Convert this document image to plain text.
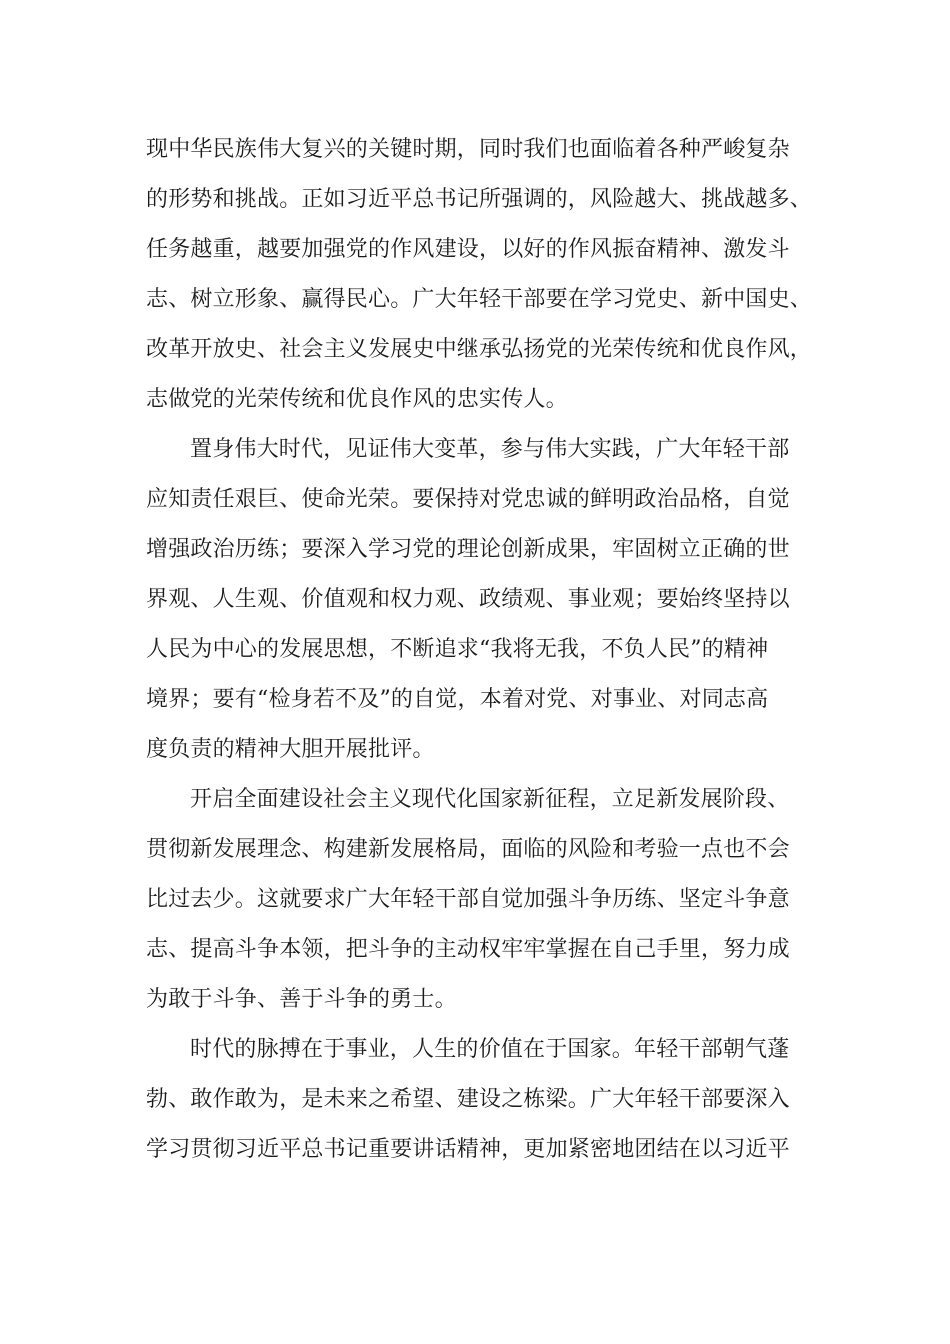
现中华民族伟大复兴的关键时期，同时我们也面临着各种严峻复杂
的形势和挑战。正如习近平总书记所强调的，风险越大、挑战越多、
任务越重，越要加强党的作风建设，以好的作风振奋精神、激发斗
志、树立形象、赢得民心。广大年轻干部要在学习党史、新中国史、
改革开放史、社会主义发展史中继承弘扬党的光荣传统和优良作风，
志做党的光荣传统和优良作风的忠实传人。
置身伟大时代，见证伟大变革，参与伟大实践，广大年轻干部
应知责任艰巨、使命光荣。要保持对党忠诚的鲜明政治品格，自觉
增强政治历练；要深入学习党的理论创新成果，牢固树立正确的世
界观、人生观、价值观和权力观、政绩观、事业观；要始终坚持以
人民为中心的发展思想，不断追求“我将无我，不负人民”的精神
境界；要有“检身若不及”的自觉，本着对党、对事业、对同志高
度负责的精神大胆开展批评。
开启全面建设社会主义现代化国家新征程，立足新发展阶段、
贯彻新发展理念、构建新发展格局，面临的风险和考验一点也不会
比过去少。这就要求广大年轻干部自觉加强斗争历练、坚定斗争意
志、提高斗争本领，把斗争的主动权牢牢掌握在自己手里，努力成
为敢于斗争、善于斗争的勇士。
时代的脉搏在于事业，人生的价值在于国家。年轻干部朝气蓬
勃、敢作敢为，是未来之希望、建设之栋梁。广大年轻干部要深入
学习贯彻习近平总书记重要讲话精神，更加紧密地团结在以习近平
